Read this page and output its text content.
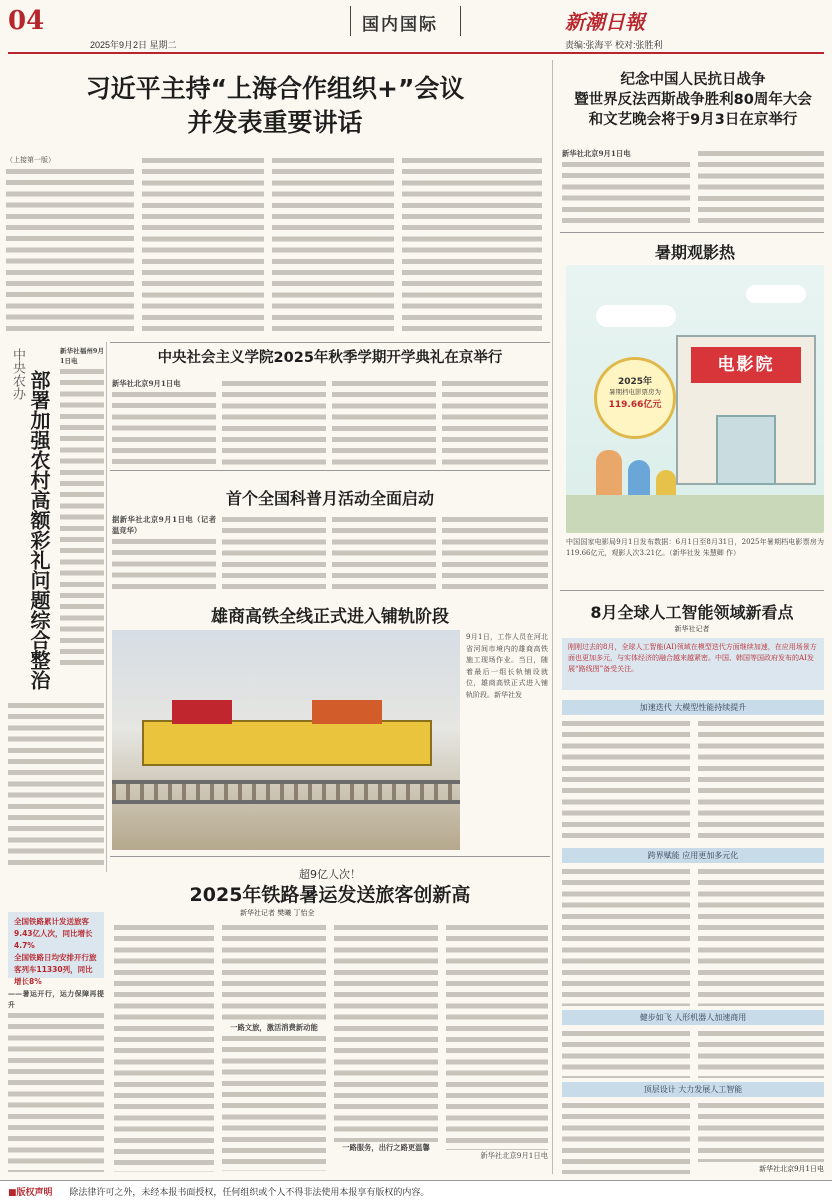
04
2025年9月2日 星期二
国内国际	新潮日報
责编:张海平 校对:张胜利
习近平主持“上海合作组织+”会议
并发表重要讲话
（上接第一版）
纪念中国人民抗日战争
暨世界反法西斯战争胜利80周年大会
和文艺晚会将于9月3日在京举行
新华社北京9月1日电
暑期观影热
电影院
2025年
暑期档电影票房为
119.66亿元
中国国家电影局9月1日发布数据：6月1日至8月31日，2025年暑期档电影票房为119.66亿元，观影人次3.21亿。（新华社发 朱慧卿 作）
中央社会主义学院2025年秋季学期开学典礼在京举行
新华社北京9月1日电
中央农办 部署加强农村高额彩礼问题综合整治
新华社福州9月1日电
首个全国科普月活动全面启动
据新华社北京9月1日电（记者温竞华）
雄商高铁全线正式进入铺轨阶段
9月1日，工作人员在河北省河间市境内的雄商高铁施工现场作业。当日，随着最后一组长轨铺设就位，雄商高铁正式进入铺轨阶段。新华社发
超9亿人次！
2025年铁路暑运发送旅客创新高
新华社记者 樊曦 丁怡全
全国铁路累计发送旅客9.43亿人次，同比增长4.7%
全国铁路日均安排开行旅客列车11330列，同比增长8%
——暑运开行，运力保障再提升
一路文旅，激活消费新动能
一路服务，出行之路更温馨
新华社北京9月1日电
8月全球人工智能领域新看点
新华社记者
刚刚过去的8月，全球人工智能(AI)领域在模型迭代方面继续加速，在应用场景方面也更加多元，与实体经济的融合越来越紧密。中国、韩国等国政府发布的AI发展“路线图”备受关注。
加速迭代 大模型性能持续提升
跨界赋能 应用更加多元化
健步如飞 人形机器人加速商用
顶层设计 大力发展人工智能
新华社北京9月1日电
■版权声明 除法律许可之外，未经本报书面授权，任何组织或个人不得非法使用本报享有版权的内容。
